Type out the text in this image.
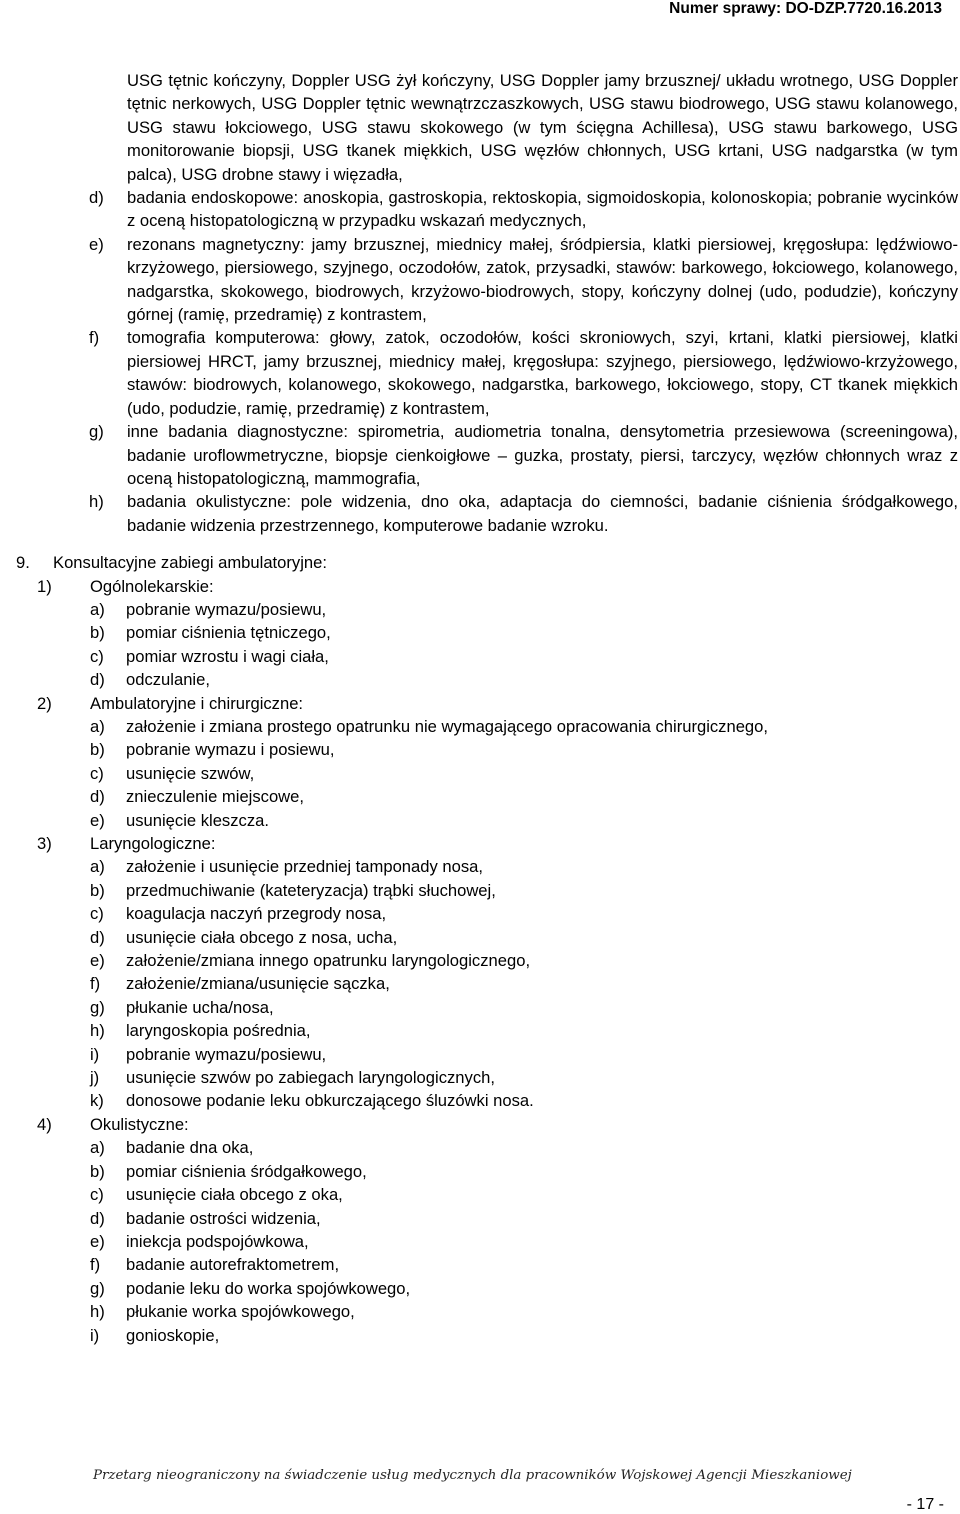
Numer sprawy: DO-DZP.7720.16.2013
USG tętnic kończyny, Doppler USG żył kończyny, USG Doppler jamy brzusznej/ układu wrotnego, USG Doppler tętnic nerkowych, USG Doppler tętnic wewnątrzczaszkowych, USG stawu biodrowego, USG stawu kolanowego, USG stawu łokciowego, USG stawu skokowego (w tym ścięgna Achillesa), USG stawu barkowego, USG monitorowanie biopsji, USG tkanek miękkich, USG węzłów chłonnych, USG krtani, USG nadgarstka (w tym palca), USG drobne stawy i więzadła,
d)	badania endoskopowe: anoskopia, gastroskopia, rektoskopia, sigmoidoskopia, kolonoskopia; pobranie wycinków z oceną histopatologiczną w przypadku wskazań medycznych,
e)	rezonans magnetyczny: jamy brzusznej, miednicy małej, śródpiersia, klatki piersiowej, kręgosłupa: lędźwiowo-krzyżowego, piersiowego, szyjnego, oczodołów, zatok, przysadki, stawów: barkowego, łokciowego, kolanowego, nadgarstka, skokowego, biodrowych, krzyżowo-biodrowych, stopy, kończyny dolnej (udo, podudzie), kończyny górnej (ramię, przedramię) z kontrastem,
f)	tomografia komputerowa: głowy, zatok, oczodołów, kości skroniowych, szyi, krtani, klatki piersiowej, klatki piersiowej HRCT, jamy brzusznej, miednicy małej, kręgosłupa: szyjnego, piersiowego, lędźwiowo-krzyżowego, stawów: biodrowych, kolanowego, skokowego, nadgarstka, barkowego, łokciowego, stopy, CT tkanek miękkich (udo, podudzie, ramię, przedramię) z kontrastem,
g)	inne badania diagnostyczne: spirometria, audiometria tonalna, densytometria przesiewowa (screeningowa), badanie uroflowmetryczne, biopsje cienkoigłowe – guzka, prostaty, piersi, tarczycy, węzłów chłonnych wraz z oceną histopatologiczną, mammografia,
h)	badania okulistyczne: pole widzenia, dno oka, adaptacja do ciemności, badanie ciśnienia śródgałkowego, badanie widzenia przestrzennego, komputerowe badanie wzroku.
9.	Konsultacyjne zabiegi ambulatoryjne:
1)	Ogólnolekarskie:
a)	pobranie wymazu/posiewu,
b)	pomiar ciśnienia tętniczego,
c)	pomiar wzrostu i wagi ciała,
d)	odczulanie,
2)	Ambulatoryjne i chirurgiczne:
a)	założenie i zmiana prostego opatrunku nie wymagającego opracowania chirurgicznego,
b)	pobranie wymazu i posiewu,
c)	usunięcie szwów,
d)	znieczulenie miejscowe,
e)	usunięcie kleszcza.
3)	Laryngologiczne:
a)	założenie i usunięcie przedniej tamponady nosa,
b)	przedmuchiwanie (kateteryzacja) trąbki słuchowej,
c)	koagulacja naczyń przegrody nosa,
d)	usunięcie ciała obcego z nosa, ucha,
e)	założenie/zmiana innego opatrunku laryngologicznego,
f)	założenie/zmiana/usunięcie sączka,
g)	płukanie ucha/nosa,
h)	laryngoskopia pośrednia,
i)	pobranie wymazu/posiewu,
j)	usunięcie szwów po zabiegach laryngologicznych,
k)	donosowe podanie leku obkurczającego śluzówki nosa.
4)	Okulistyczne:
a)	badanie dna oka,
b)	pomiar ciśnienia śródgałkowego,
c)	usunięcie ciała obcego z oka,
d)	badanie ostrości widzenia,
e)	iniekcja podspojówkowa,
f)	badanie autorefraktometrem,
g)	podanie leku do worka spojówkowego,
h)	płukanie worka spojówkowego,
i)	gonioskopie,
Przetarg nieograniczony na świadczenie usług medycznych dla pracowników Wojskowej Agencji Mieszkaniowej
- 17 -
